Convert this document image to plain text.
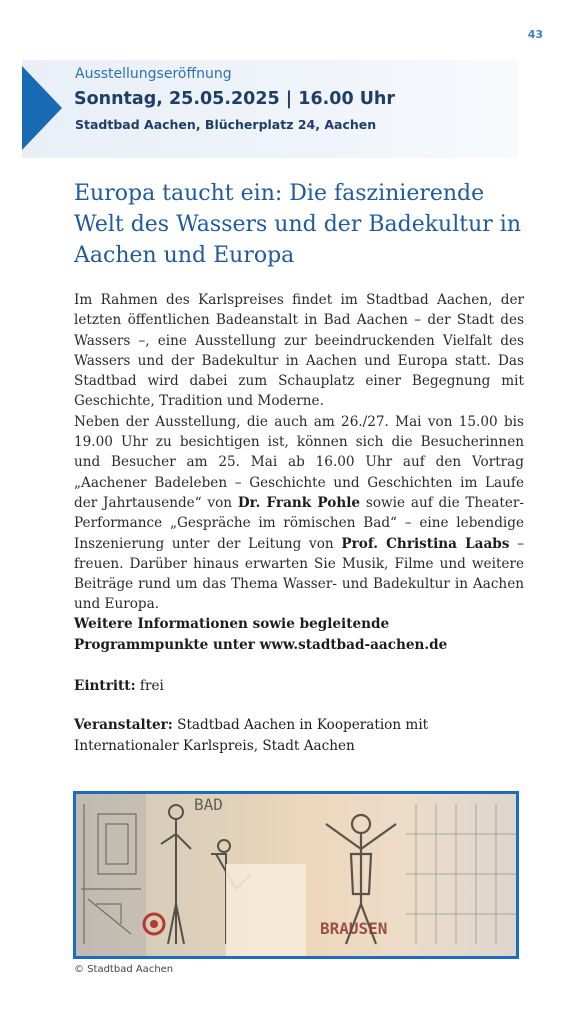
43
Ausstellungseröffnung
Sonntag, 25.05.2025 | 16.00 Uhr
Stadtbad Aachen, Blücherplatz 24, Aachen
Europa taucht ein: Die faszinierende Welt des Wassers und der Badekultur in Aachen und Europa

Im Rahmen des Karlspreises findet im Stadtbad Aachen, der letzten öffentlichen Badeanstalt in Bad Aachen – der Stadt des Wassers –, eine Ausstellung zur beeindruckenden Vielfalt des Wassers und der Badekultur in Aachen und Europa statt. Das Stadtbad wird dabei zum Schauplatz einer Begegnung mit Geschichte, Tradition und Moderne.

Neben der Ausstellung, die auch am 26./27. Mai von 15.00 bis 19.00 Uhr zu besichtigen ist, können sich die Besucherinnen und Besucher am 25. Mai ab 16.00 Uhr auf den Vortrag „Aachener Badeleben – Geschichte und Geschichten im Laufe der Jahrtausende“ von Dr. Frank Pohle sowie auf die Theater-Performance „Gespräche im römischen Bad“ – eine lebendige Inszenierung unter der Leitung von Prof. Christina Laabs – freuen. Darüber hinaus erwarten Sie Musik, Filme und weitere Beiträge rund um das Thema Wasser- und Badekultur in Aachen und Europa.

Weitere Informationen sowie begleitende Programmpunkte unter www.stadtbad-aachen.de

Eintritt: frei

Veranstalter: Stadtbad Aachen in Kooperation mit Internationaler Karlspreis, Stadt Aachen

BAD
BRAUSEN
© Stadtbad Aachen
